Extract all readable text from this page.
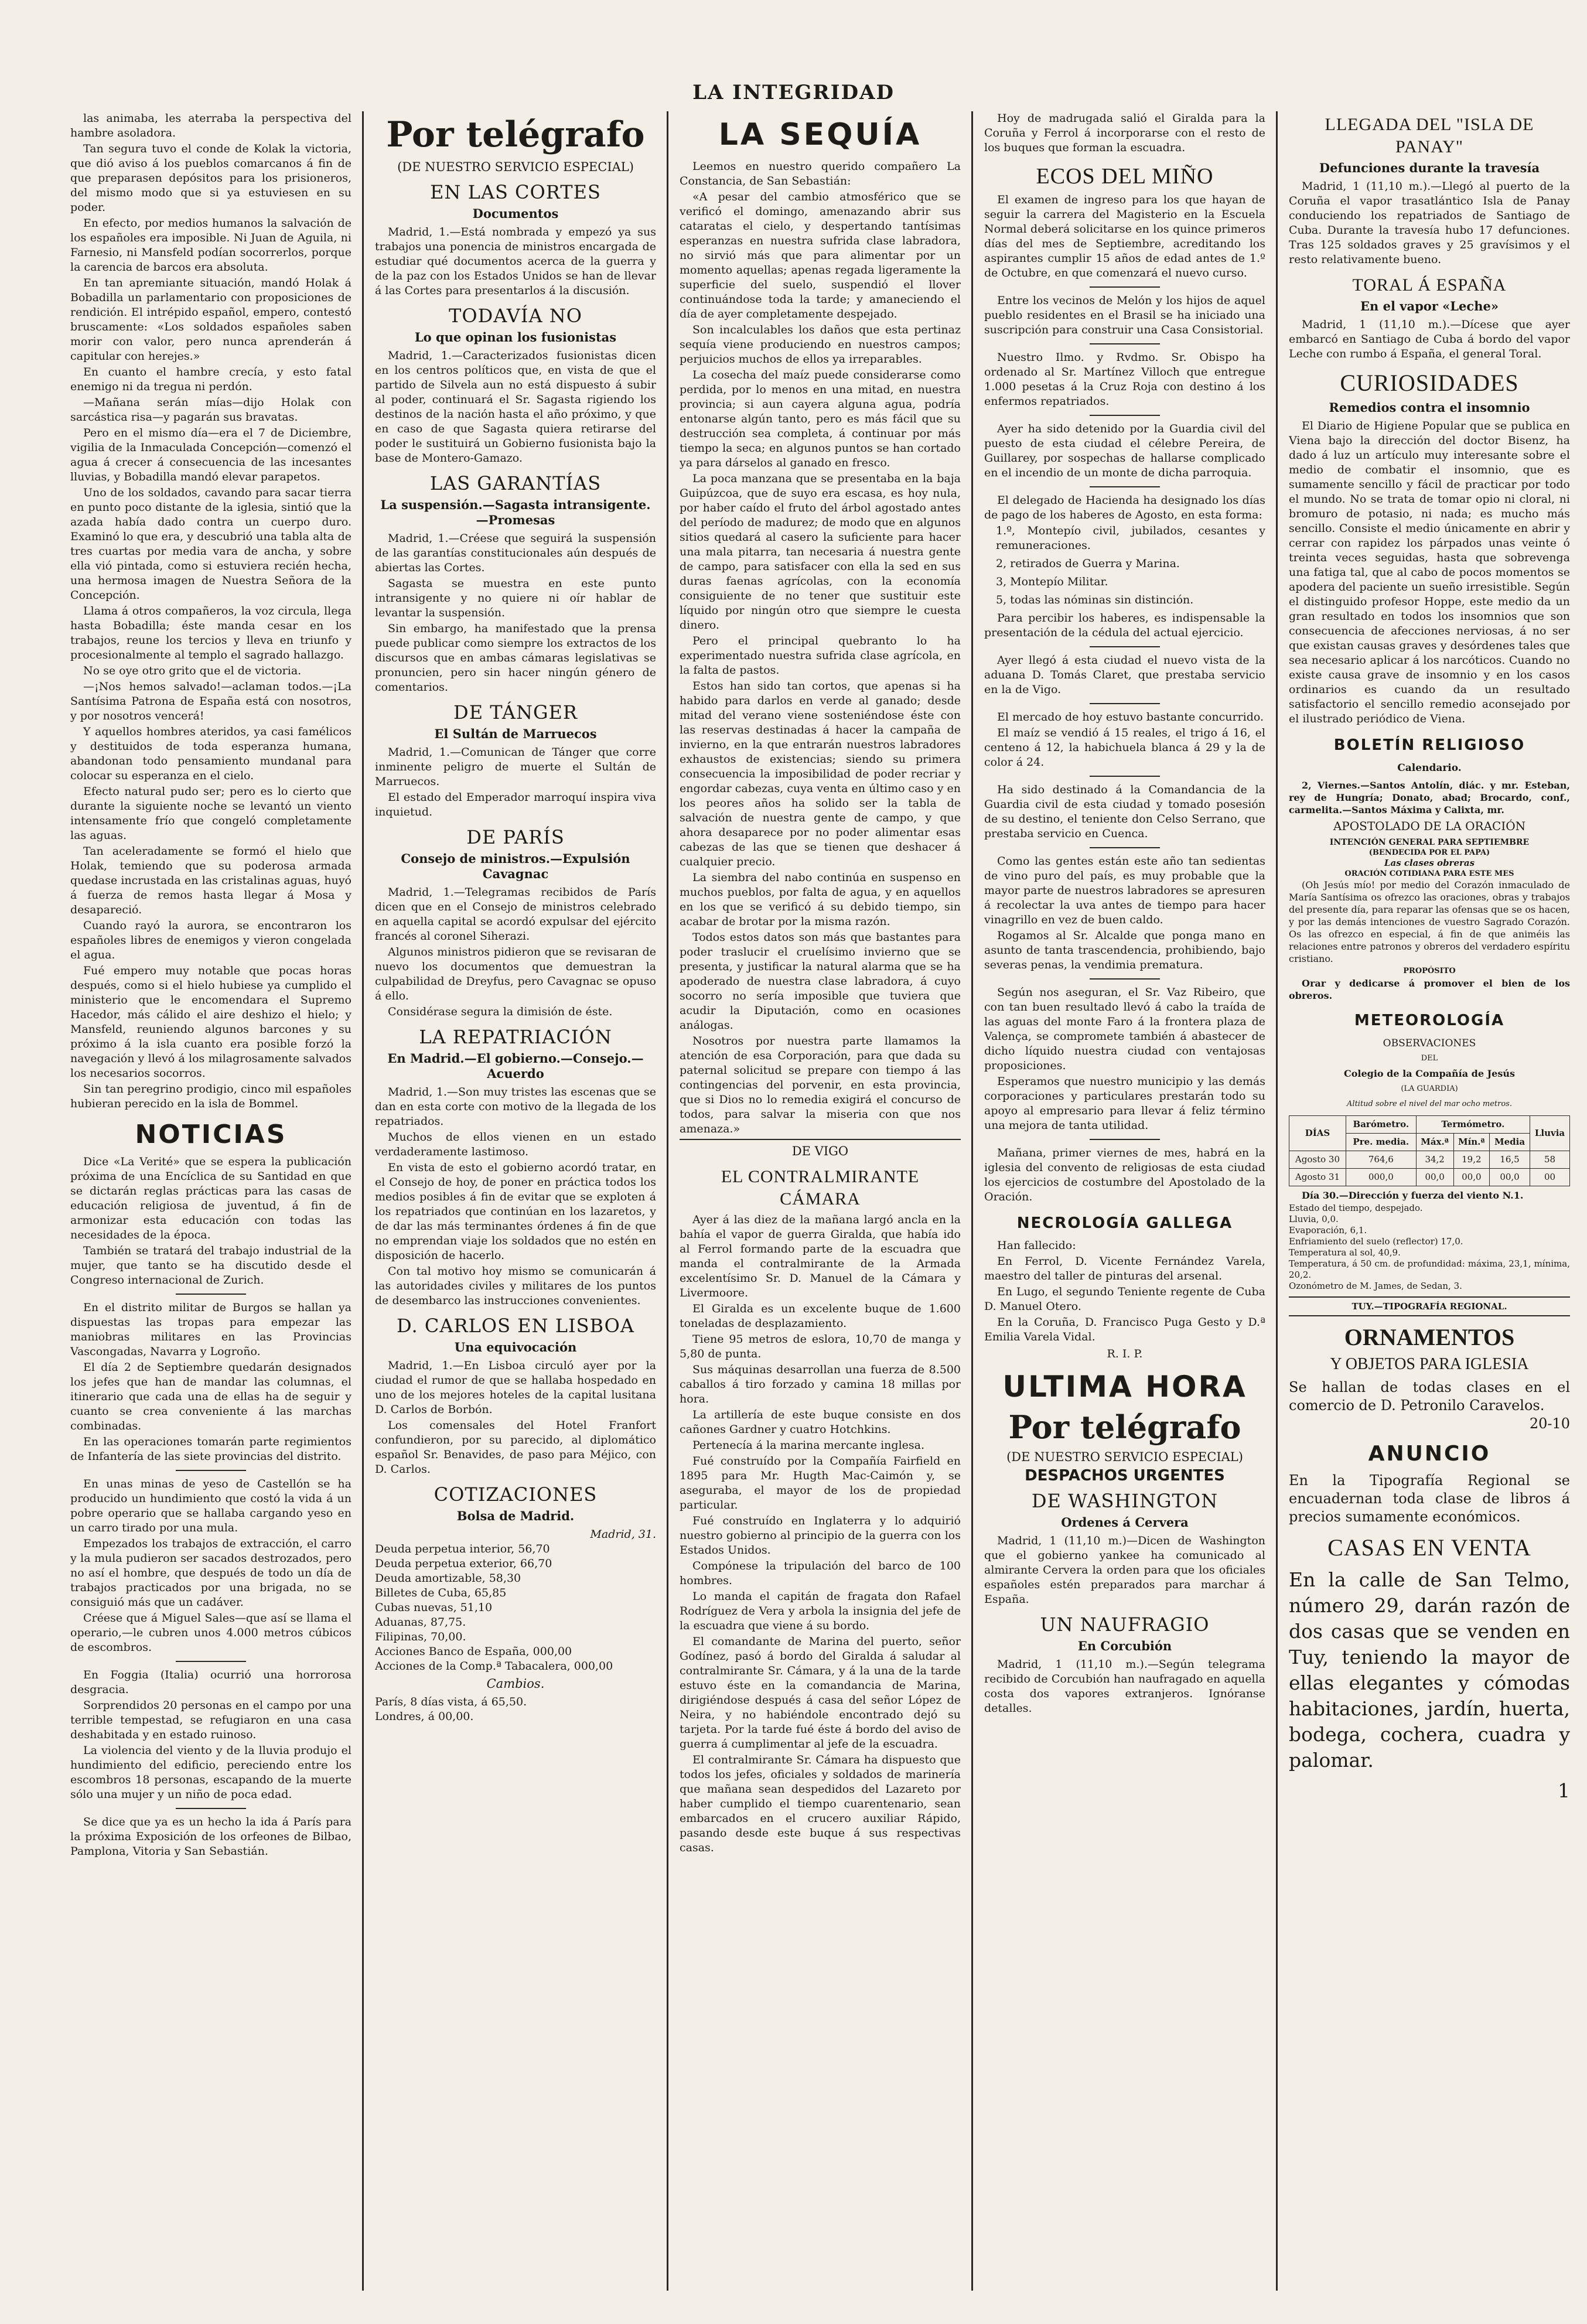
LA INTEGRIDAD

las animaba, les aterraba la perspectiva del hambre asoladora.

Tan segura tuvo el conde de Kolak la victoria, que dió aviso á los pueblos comarcanos á fin de que preparasen depósitos para los prisioneros, del mismo modo que si ya estuviesen en su poder.

En efecto, por medios humanos la salvación de los españoles era imposible. Ni Juan de Aguila, ni Farnesio, ni Mansfeld podían socorrerlos, porque la carencia de barcos era absoluta.

En tan apremiante situación, mandó Holak á Bobadilla un parlamentario con proposiciones de rendición. El intrépido español, empero, contestó bruscamente: «Los soldados españoles saben morir con valor, pero nunca aprenderán á capitular con herejes.»

En cuanto el hambre crecía, y esto fatal enemigo ni da tregua ni perdón.

—Mañana serán mías—dijo Holak con sarcástica risa—y pagarán sus bravatas.

Pero en el mismo día—era el 7 de Diciembre, vigilia de la Inmaculada Concepción—comenzó el agua á crecer á consecuencia de las incesantes lluvias, y Bobadilla mandó elevar parapetos.

Uno de los soldados, cavando para sacar tierra en punto poco distante de la iglesia, sintió que la azada había dado contra un cuerpo duro. Examinó lo que era, y descubrió una tabla alta de tres cuartas por media vara de ancha, y sobre ella vió pintada, como si estuviera recién hecha, una hermosa imagen de Nuestra Señora de la Concepción.

Llama á otros compañeros, la voz circula, llega hasta Bobadilla; éste manda cesar en los trabajos, reune los tercios y lleva en triunfo y procesionalmente al templo el sagrado hallazgo.

No se oye otro grito que el de victoria.

—¡Nos hemos salvado!—aclaman todos.—¡La Santísima Patrona de España está con nosotros, y por nosotros vencerá!

Y aquellos hombres ateridos, ya casi famélicos y destituidos de toda esperanza humana, abandonan todo pensamiento mundanal para colocar su esperanza en el cielo.

Efecto natural pudo ser; pero es lo cierto que durante la siguiente noche se levantó un viento intensamente frío que congeló completamente las aguas.

Tan aceleradamente se formó el hielo que Holak, temiendo que su poderosa armada quedase incrustada en las cristalinas aguas, huyó á fuerza de remos hasta llegar á Mosa y desapareció.

Cuando rayó la aurora, se encontraron los españoles libres de enemigos y vieron congelada el agua.

Fué empero muy notable que pocas horas después, como si el hielo hubiese ya cumplido el ministerio que le encomendara el Supremo Hacedor, más cálido el aire deshizo el hielo; y Mansfeld, reuniendo algunos barcones y su próximo á la isla cuanto era posible forzó la navegación y llevó á los milagrosamente salvados los necesarios socorros.

Sin tan peregrino prodigio, cinco mil españoles hubieran perecido en la isla de Bommel.

NOTICIAS

Dice «La Verité» que se espera la publicación próxima de una Encíclica de su Santidad en que se dictarán reglas prácticas para las casas de educación religiosa de juventud, á fin de armonizar esta educación con todas las necesidades de la época.

También se tratará del trabajo industrial de la mujer, que tanto se ha discutido desde el Congreso internacional de Zurich.

En el distrito militar de Burgos se hallan ya dispuestas las tropas para empezar las maniobras militares en las Provincias Vascongadas, Navarra y Logroño.

El día 2 de Septiembre quedarán designados los jefes que han de mandar las columnas, el itinerario que cada una de ellas ha de seguir y cuanto se crea conveniente á las marchas combinadas.

En las operaciones tomarán parte regimientos de Infantería de las siete provincias del distrito.

En unas minas de yeso de Castellón se ha producido un hundimiento que costó la vida á un pobre operario que se hallaba cargando yeso en un carro tirado por una mula.

Empezados los trabajos de extracción, el carro y la mula pudieron ser sacados destrozados, pero no así el hombre, que después de todo un día de trabajos practicados por una brigada, no se consiguió más que un cadáver.

Créese que á Miguel Sales—que así se llama el operario,—le cubren unos 4.000 metros cúbicos de escombros.

En Foggia (Italia) ocurrió una horrorosa desgracia.

Sorprendidos 20 personas en el campo por una terrible tempestad, se refugiaron en una casa deshabitada y en estado ruinoso.

La violencia del viento y de la lluvia produjo el hundimiento del edificio, pereciendo entre los escombros 18 personas, escapando de la muerte sólo una mujer y un niño de poca edad.

Se dice que ya es un hecho la ida á París para la próxima Exposición de los orfeones de Bilbao, Pamplona, Vitoria y San Sebastián.

Por telégrafo
(DE NUESTRO SERVICIO ESPECIAL)
EN LAS CORTES
Documentos

Madrid, 1.—Está nombrada y empezó ya sus trabajos una ponencia de ministros encargada de estudiar qué documentos acerca de la guerra y de la paz con los Estados Unidos se han de llevar á las Cortes para presentarlos á la discusión.

TODAVÍA NO
Lo que opinan los fusionistas

Madrid, 1.—Caracterizados fusionistas dicen en los centros políticos que, en vista de que el partido de Silvela aun no está dispuesto á subir al poder, continuará el Sr. Sagasta rigiendo los destinos de la nación hasta el año próximo, y que en caso de que Sagasta quiera retirarse del poder le sustituirá un Gobierno fusionista bajo la base de Montero-Gamazo.

LAS GARANTÍAS
La suspensión.—Sagasta intransigente.—Promesas

Madrid, 1.—Créese que seguirá la suspensión de las garantías constitucionales aún después de abiertas las Cortes.

Sagasta se muestra en este punto intransigente y no quiere ni oír hablar de levantar la suspensión.

Sin embargo, ha manifestado que la prensa puede publicar como siempre los extractos de los discursos que en ambas cámaras legislativas se pronuncien, pero sin hacer ningún género de comentarios.

DE TÁNGER
El Sultán de Marruecos

Madrid, 1.—Comunican de Tánger que corre inminente peligro de muerte el Sultán de Marruecos.

El estado del Emperador marroquí inspira viva inquietud.

DE PARÍS
Consejo de ministros.—Expulsión Cavagnac

Madrid, 1.—Telegramas recibidos de París dicen que en el Consejo de ministros celebrado en aquella capital se acordó expulsar del ejército francés al coronel Siherazi.

Algunos ministros pidieron que se revisaran de nuevo los documentos que demuestran la culpabilidad de Dreyfus, pero Cavagnac se opuso á ello.

Considérase segura la dimisión de éste.

LA REPATRIACIÓN
En Madrid.—El gobierno.—Consejo.—Acuerdo

Madrid, 1.—Son muy tristes las escenas que se dan en esta corte con motivo de la llegada de los repatriados.

Muchos de ellos vienen en un estado verdaderamente lastimoso.

En vista de esto el gobierno acordó tratar, en el Consejo de hoy, de poner en práctica todos los medios posibles á fin de evitar que se exploten á los repatriados que continúan en los lazaretos, y de dar las más terminantes órdenes á fin de que no emprendan viaje los soldados que no estén en disposición de hacerlo.

Con tal motivo hoy mismo se comunicarán á las autoridades civiles y militares de los puntos de desembarco las instrucciones convenientes.

D. CARLOS EN LISBOA
Una equivocación

Madrid, 1.—En Lisboa circuló ayer por la ciudad el rumor de que se hallaba hospedado en uno de los mejores hoteles de la capital lusitana D. Carlos de Borbón.

Los comensales del Hotel Franfort confundieron, por su parecido, al diplomático español Sr. Benavides, de paso para Méjico, con D. Carlos.

COTIZACIONES
Bolsa de Madrid.
Madrid, 31.
Deuda perpetua interior, 56,70
Deuda perpetua exterior, 66,70
Deuda amortizable, 58,30
Billetes de Cuba, 65,85
Cubas nuevas, 51,10
Aduanas, 87,75.
Filipinas, 70,00.
Acciones Banco de España, 000,00
Acciones de la Comp.ª Tabacalera, 000,00
Cambios.
París, 8 días vista, á 65,50.
Londres, á 00,00.
LA SEQUÍA

Leemos en nuestro querido compañero La Constancia, de San Sebastián:

«A pesar del cambio atmosférico que se verificó el domingo, amenazando abrir sus cataratas el cielo, y despertando tantísimas esperanzas en nuestra sufrida clase labradora, no sirvió más que para alimentar por un momento aquellas; apenas regada ligeramente la superficie del suelo, suspendió el llover continuándose toda la tarde; y amaneciendo el día de ayer completamente despejado.

Son incalculables los daños que esta pertinaz sequía viene produciendo en nuestros campos; perjuicios muchos de ellos ya irreparables.

La cosecha del maíz puede considerarse como perdida, por lo menos en una mitad, en nuestra provincia; si aun cayera alguna agua, podría entonarse algún tanto, pero es más fácil que su destrucción sea completa, á continuar por más tiempo la seca; en algunos puntos se han cortado ya para dárselos al ganado en fresco.

La poca manzana que se presentaba en la baja Guipúzcoa, que de suyo era escasa, es hoy nula, por haber caído el fruto del árbol agostado antes del período de madurez; de modo que en algunos sitios quedará al casero la suficiente para hacer una mala pitarra, tan necesaria á nuestra gente de campo, para satisfacer con ella la sed en sus duras faenas agrícolas, con la economía consiguiente de no tener que sustituir este líquido por ningún otro que siempre le cuesta dinero.

Pero el principal quebranto lo ha experimentado nuestra sufrida clase agrícola, en la falta de pastos.

Estos han sido tan cortos, que apenas si ha habido para darlos en verde al ganado; desde mitad del verano viene sosteniéndose éste con las reservas destinadas á hacer la campaña de invierno, en la que entrarán nuestros labradores exhaustos de existencias; siendo su primera consecuencia la imposibilidad de poder recriar y engordar cabezas, cuya venta en último caso y en los peores años ha solido ser la tabla de salvación de nuestra gente de campo, y que ahora desaparece por no poder alimentar esas cabezas de las que se tienen que deshacer á cualquier precio.

La siembra del nabo continúa en suspenso en muchos pueblos, por falta de agua, y en aquellos en los que se verificó á su debido tiempo, sin acabar de brotar por la misma razón.

Todos estos datos son más que bastantes para poder traslucir el cruelísimo invierno que se presenta, y justificar la natural alarma que se ha apoderado de nuestra clase labradora, á cuyo socorro no sería imposible que tuviera que acudir la Diputación, como en ocasiones análogas.

Nosotros por nuestra parte llamamos la atención de esa Corporación, para que dada su paternal solicitud se prepare con tiempo á las contingencias del porvenir, en esta provincia, que si Dios no lo remedia exigirá el concurso de todos, para salvar la miseria con que nos amenaza.»

DE VIGO
EL CONTRALMIRANTE CÁMARA

Ayer á las diez de la mañana largó ancla en la bahía el vapor de guerra Giralda, que había ido al Ferrol formando parte de la escuadra que manda el contralmirante de la Armada excelentísimo Sr. D. Manuel de la Cámara y Livermoore.

El Giralda es un excelente buque de 1.600 toneladas de desplazamiento.

Tiene 95 metros de eslora, 10,70 de manga y 5,80 de punta.

Sus máquinas desarrollan una fuerza de 8.500 caballos á tiro forzado y camina 18 millas por hora.

La artillería de este buque consiste en dos cañones Gardner y cuatro Hotchkins.

Pertenecía á la marina mercante inglesa.

Fué construído por la Compañía Fairfield en 1895 para Mr. Hugth Mac-Caimón y, se aseguraba, el mayor de los de propiedad particular.

Fué construído en Inglaterra y lo adquirió nuestro gobierno al principio de la guerra con los Estados Unidos.

Compónese la tripulación del barco de 100 hombres.

Lo manda el capitán de fragata don Rafael Rodríguez de Vera y arbola la insignia del jefe de la escuadra que viene á su bordo.

El comandante de Marina del puerto, señor Godínez, pasó á bordo del Giralda á saludar al contralmirante Sr. Cámara, y á la una de la tarde estuvo éste en la comandancia de Marina, dirigiéndose después á casa del señor López de Neira, y no habiéndole encontrado dejó su tarjeta. Por la tarde fué éste á bordo del aviso de guerra á cumplimentar al jefe de la escuadra.

El contralmirante Sr. Cámara ha dispuesto que todos los jefes, oficiales y soldados de marinería que mañana sean despedidos del Lazareto por haber cumplido el tiempo cuarentenario, sean embarcados en el crucero auxiliar Rápido, pasando desde este buque á sus respectivas casas.

Hoy de madrugada salió el Giralda para la Coruña y Ferrol á incorporarse con el resto de los buques que forman la escuadra.

ECOS DEL MIÑO

El examen de ingreso para los que hayan de seguir la carrera del Magisterio en la Escuela Normal deberá solicitarse en los quince primeros días del mes de Septiembre, acreditando los aspirantes cumplir 15 años de edad antes de 1.º de Octubre, en que comenzará el nuevo curso.

Entre los vecinos de Melón y los hijos de aquel pueblo residentes en el Brasil se ha iniciado una suscripción para construir una Casa Consistorial.

Nuestro Ilmo. y Rvdmo. Sr. Obispo ha ordenado al Sr. Martínez Villoch que entregue 1.000 pesetas á la Cruz Roja con destino á los enfermos repatriados.

Ayer ha sido detenido por la Guardia civil del puesto de esta ciudad el célebre Pereira, de Guillarey, por sospechas de hallarse complicado en el incendio de un monte de dicha parroquia.

El delegado de Hacienda ha designado los días de pago de los haberes de Agosto, en esta forma:

1.º, Montepío civil, jubilados, cesantes y remuneraciones.
2, retirados de Guerra y Marina.
3, Montepío Militar.
5, todas las nóminas sin distinción.

Para percibir los haberes, es indispensable la presentación de la cédula del actual ejercicio.

Ayer llegó á esta ciudad el nuevo vista de la aduana D. Tomás Claret, que prestaba servicio en la de Vigo.

El mercado de hoy estuvo bastante concurrido.

El maíz se vendió á 15 reales, el trigo á 16, el centeno á 12, la habichuela blanca á 29 y la de color á 24.

Ha sido destinado á la Comandancia de la Guardia civil de esta ciudad y tomado posesión de su destino, el teniente don Celso Serrano, que prestaba servicio en Cuenca.

Como las gentes están este año tan sedientas de vino puro del país, es muy probable que la mayor parte de nuestros labradores se apresuren á recolectar la uva antes de tiempo para hacer vinagrillo en vez de buen caldo.

Rogamos al Sr. Alcalde que ponga mano en asunto de tanta trascendencia, prohibiendo, bajo severas penas, la vendimia prematura.

Según nos aseguran, el Sr. Vaz Ribeiro, que con tan buen resultado llevó á cabo la traída de las aguas del monte Faro á la frontera plaza de Valença, se compromete también á abastecer de dicho líquido nuestra ciudad con ventajosas proposiciones.

Esperamos que nuestro municipio y las demás corporaciones y particulares prestarán todo su apoyo al empresario para llevar á feliz término una mejora de tanta utilidad.

Mañana, primer viernes de mes, habrá en la iglesia del convento de religiosas de esta ciudad los ejercicios de costumbre del Apostolado de la Oración.

NECROLOGÍA GALLEGA

Han fallecido:

En Ferrol, D. Vicente Fernández Varela, maestro del taller de pinturas del arsenal.

En Lugo, el segundo Teniente regente de Cuba D. Manuel Otero.

En la Coruña, D. Francisco Puga Gesto y D.ª Emilia Varela Vidal.

R. I. P.
ULTIMA HORA
Por telégrafo
(DE NUESTRO SERVICIO ESPECIAL)
DESPACHOS URGENTES
DE WASHINGTON
Ordenes á Cervera

Madrid, 1 (11,10 m.)—Dicen de Washington que el gobierno yankee ha comunicado al almirante Cervera la orden para que los oficiales españoles estén preparados para marchar á España.

UN NAUFRAGIO
En Corcubión

Madrid, 1 (11,10 m.).—Según telegrama recibido de Corcubión han naufragado en aquella costa dos vapores extranjeros. Ignóranse detalles.

LLEGADA DEL "ISLA DE PANAY"
Defunciones durante la travesía

Madrid, 1 (11,10 m.).—Llegó al puerto de la Coruña el vapor trasatlántico Isla de Panay conduciendo los repatriados de Santiago de Cuba. Durante la travesía hubo 17 defunciones. Tras 125 soldados graves y 25 gravísimos y el resto relativamente bueno.

TORAL Á ESPAÑA
En el vapor «Leche»

Madrid, 1 (11,10 m.).—Dícese que ayer embarcó en Santiago de Cuba á bordo del vapor Leche con rumbo á España, el general Toral.

CURIOSIDADES
Remedios contra el insomnio

El Diario de Higiene Popular que se publica en Viena bajo la dirección del doctor Bisenz, ha dado á luz un artículo muy interesante sobre el medio de combatir el insomnio, que es sumamente sencillo y fácil de practicar por todo el mundo. No se trata de tomar opio ni cloral, ni bromuro de potasio, ni nada; es mucho más sencillo. Consiste el medio únicamente en abrir y cerrar con rapidez los párpados unas veinte ó treinta veces seguidas, hasta que sobrevenga una fatiga tal, que al cabo de pocos momentos se apodera del paciente un sueño irresistible. Según el distinguido profesor Hoppe, este medio da un gran resultado en todos los insomnios que son consecuencia de afecciones nerviosas, á no ser que existan causas graves y desórdenes tales que sea necesario aplicar á los narcóticos. Cuando no existe causa grave de insomnio y en los casos ordinarios es cuando da un resultado satisfactorio el sencillo remedio aconsejado por el ilustrado periódico de Viena.

BOLETÍN RELIGIOSO
Calendario.

2, Viernes.—Santos Antolín, diác. y mr. Esteban, rey de Hungría; Donato, abad; Brocardo, conf., carmelita.—Santos Máxima y Calixta, mr.

APOSTOLADO DE LA ORACIÓN
INTENCIÓN GENERAL PARA SEPTIEMBRE
(BENDECIDA POR EL PAPA)
Las clases obreras
ORACIÓN COTIDIANA PARA ESTE MES

(Oh Jesús mío! por medio del Corazón inmaculado de María Santísima os ofrezco las oraciones, obras y trabajos del presente día, para reparar las ofensas que se os hacen, y por las demás intenciones de vuestro Sagrado Corazón. Os las ofrezco en especial, á fin de que animéis las relaciones entre patronos y obreros del verdadero espíritu cristiano.

PROPÓSITO

Orar y dedicarse á promover el bien de los obreros.

METEOROLOGÍA
OBSERVACIONES
DEL
Colegio de la Compañía de Jesús
(LA GUARDIA)
Altitud sobre el nivel del mar ocho metros.
DÍAS	Barómetro.	Termómetro.			Lluvia
	Pre. media.	Máx.ª	Mín.ª	Media	
Agosto 30	764,6	34,2	19,2	16,5	58
Agosto 31	000,0	00,0	00,0	00,0	00

Día 30.—Dirección y fuerza del viento N.1.

Estado del tiempo, despejado.
Lluvia, 0,0.
Evaporación, 6,1.
Enfriamiento del suelo (reflector) 17,0.
Temperatura al sol, 40,9.
Temperatura, á 50 cm. de profundidad: máxima, 23,1, mínima, 20,2.
Ozonómetro de M. James, de Sedan, 3.
TUY.—TIPOGRAFÍA REGIONAL.
ORNAMENTOS
Y OBJETOS PARA IGLESIA
Se hallan de todas clases en el comercio de D. Petronilo Caravelos.
20-10
ANUNCIO
En la Tipografía Regional se encuadernan toda clase de libros á precios sumamente económicos.
CASAS EN VENTA
En la calle de San Telmo, número 29, darán razón de dos casas que se venden en Tuy, teniendo la mayor de ellas elegantes y cómodas habitaciones, jardín, huerta, bodega, cochera, cuadra y palomar.
1
